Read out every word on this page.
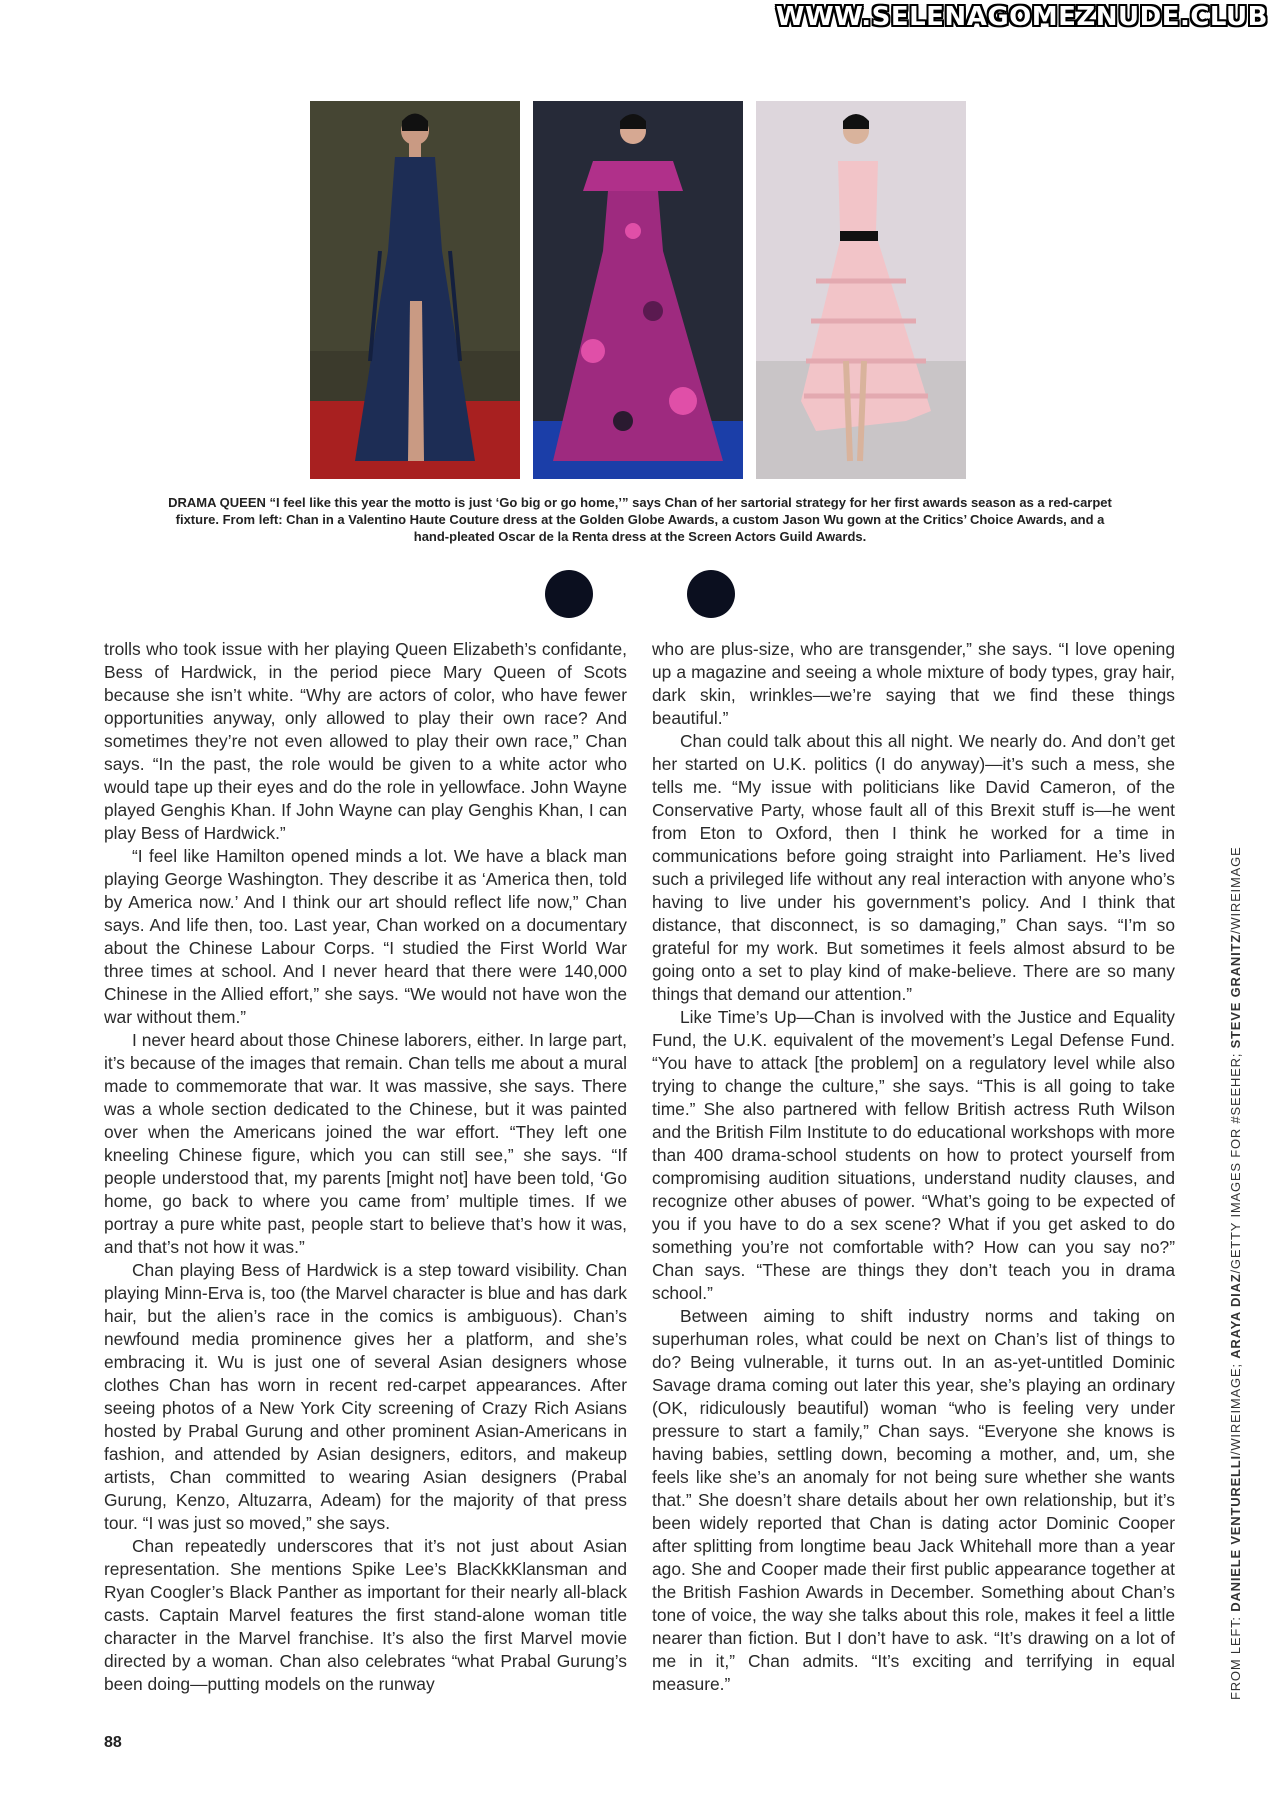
WWW.SELENAGOMEZNUDE.CLUB
DRAMA QUEEN “I feel like this year the motto is just ‘Go big or go home,’” says Chan of her sartorial strategy for her first awards season as a red-carpet fixture. From left: Chan in a Valentino Haute Couture dress at the Golden Globe Awards, a custom Jason Wu gown at the Critics’ Choice Awards, and a hand-pleated Oscar de la Renta dress at the Screen Actors Guild Awards.

trolls who took issue with her playing Queen Elizabeth’s confidante, Bess of Hardwick, in the period piece Mary Queen of Scots because she isn’t white. “Why are actors of color, who have fewer opportunities anyway, only allowed to play their own race? And sometimes they’re not even allowed to play their own race,” Chan says. “In the past, the role would be given to a white actor who would tape up their eyes and do the role in yellowface. John Wayne played Genghis Khan. If John Wayne can play Genghis Khan, I can play Bess of Hardwick.”

“I feel like Hamilton opened minds a lot. We have a black man playing George Washington. They describe it as ‘America then, told by America now.’ And I think our art should reflect life now,” Chan says. And life then, too. Last year, Chan worked on a documentary about the Chinese Labour Corps. “I studied the First World War three times at school. And I never heard that there were 140,000 Chinese in the Allied effort,” she says. “We would not have won the war without them.”

I never heard about those Chinese laborers, either. In large part, it’s because of the images that remain. Chan tells me about a mural made to commemorate that war. It was massive, she says. There was a whole section dedicated to the Chinese, but it was painted over when the Americans joined the war effort. “They left one kneeling Chinese figure, which you can still see,” she says. “If people understood that, my parents [might not] have been told, ‘Go home, go back to where you came from’ multiple times. If we portray a pure white past, people start to believe that’s how it was, and that’s not how it was.”

Chan playing Bess of Hardwick is a step toward visibility. Chan playing Minn-Erva is, too (the Marvel character is blue and has dark hair, but the alien’s race in the comics is ambiguous). Chan’s newfound media prominence gives her a platform, and she’s embracing it. Wu is just one of several Asian designers whose clothes Chan has worn in recent red-carpet appearances. After seeing photos of a New York City screening of Crazy Rich Asians hosted by Prabal Gurung and other prominent Asian-Americans in fashion, and attended by Asian designers, editors, and makeup artists, Chan committed to wearing Asian designers (Prabal Gurung, Kenzo, Altuzarra, Adeam) for the majority of that press tour. “I was just so moved,” she says.

Chan repeatedly underscores that it’s not just about Asian representation. She mentions Spike Lee’s BlacKkKlansman and Ryan Coogler’s Black Panther as important for their nearly all-black casts. Captain Marvel features the first stand-alone woman title character in the Marvel franchise. It’s also the first Marvel movie directed by a woman. Chan also celebrates “what Prabal Gurung’s been doing—putting models on the runway

who are plus-size, who are transgender,” she says. “I love opening up a magazine and seeing a whole mixture of body types, gray hair, dark skin, wrinkles—we’re saying that we find these things beautiful.”

Chan could talk about this all night. We nearly do. And don’t get her started on U.K. politics (I do anyway)—it’s such a mess, she tells me. “My issue with politicians like David Cameron, of the Conservative Party, whose fault all of this Brexit stuff is—he went from Eton to Oxford, then I think he worked for a time in communications before going straight into Parliament. He’s lived such a privileged life without any real interaction with anyone who’s having to live under his government’s policy. And I think that distance, that disconnect, is so damaging,” Chan says. “I’m so grateful for my work. But sometimes it feels almost absurd to be going onto a set to play kind of make-believe. There are so many things that demand our attention.”

Like Time’s Up—Chan is involved with the Justice and Equality Fund, the U.K. equivalent of the movement’s Legal Defense Fund. “You have to attack [the problem] on a regulatory level while also trying to change the culture,” she says. “This is all going to take time.” She also partnered with fellow British actress Ruth Wilson and the British Film Institute to do educational workshops with more than 400 drama-school students on how to protect yourself from compromising audition situations, understand nudity clauses, and recognize other abuses of power. “What’s going to be expected of you if you have to do a sex scene? What if you get asked to do something you’re not comfortable with? How can you say no?” Chan says. “These are things they don’t teach you in drama school.”

Between aiming to shift industry norms and taking on superhuman roles, what could be next on Chan’s list of things to do? Being vulnerable, it turns out. In an as-yet-untitled Dominic Savage drama coming out later this year, she’s playing an ordinary (OK, ridiculously beautiful) woman “who is feeling very under pressure to start a family,” Chan says. “Everyone she knows is having babies, settling down, becoming a mother, and, um, she feels like she’s an anomaly for not being sure whether she wants that.” She doesn’t share details about her own relationship, but it’s been widely reported that Chan is dating actor Dominic Cooper after splitting from longtime beau Jack Whitehall more than a year ago. She and Cooper made their first public appearance together at the British Fashion Awards in December. Something about Chan’s tone of voice, the way she talks about this role, makes it feel a little nearer than fiction. But I don’t have to ask. “It’s drawing on a lot of me in it,” Chan admits. “It’s exciting and terrifying in equal measure.”

88
FROM LEFT: DANIELE VENTURELLI/WIREIMAGE; ARAYA DIAZ/GETTY IMAGES FOR #SEEHER; STEVE GRANITZ/WIREIMAGE
